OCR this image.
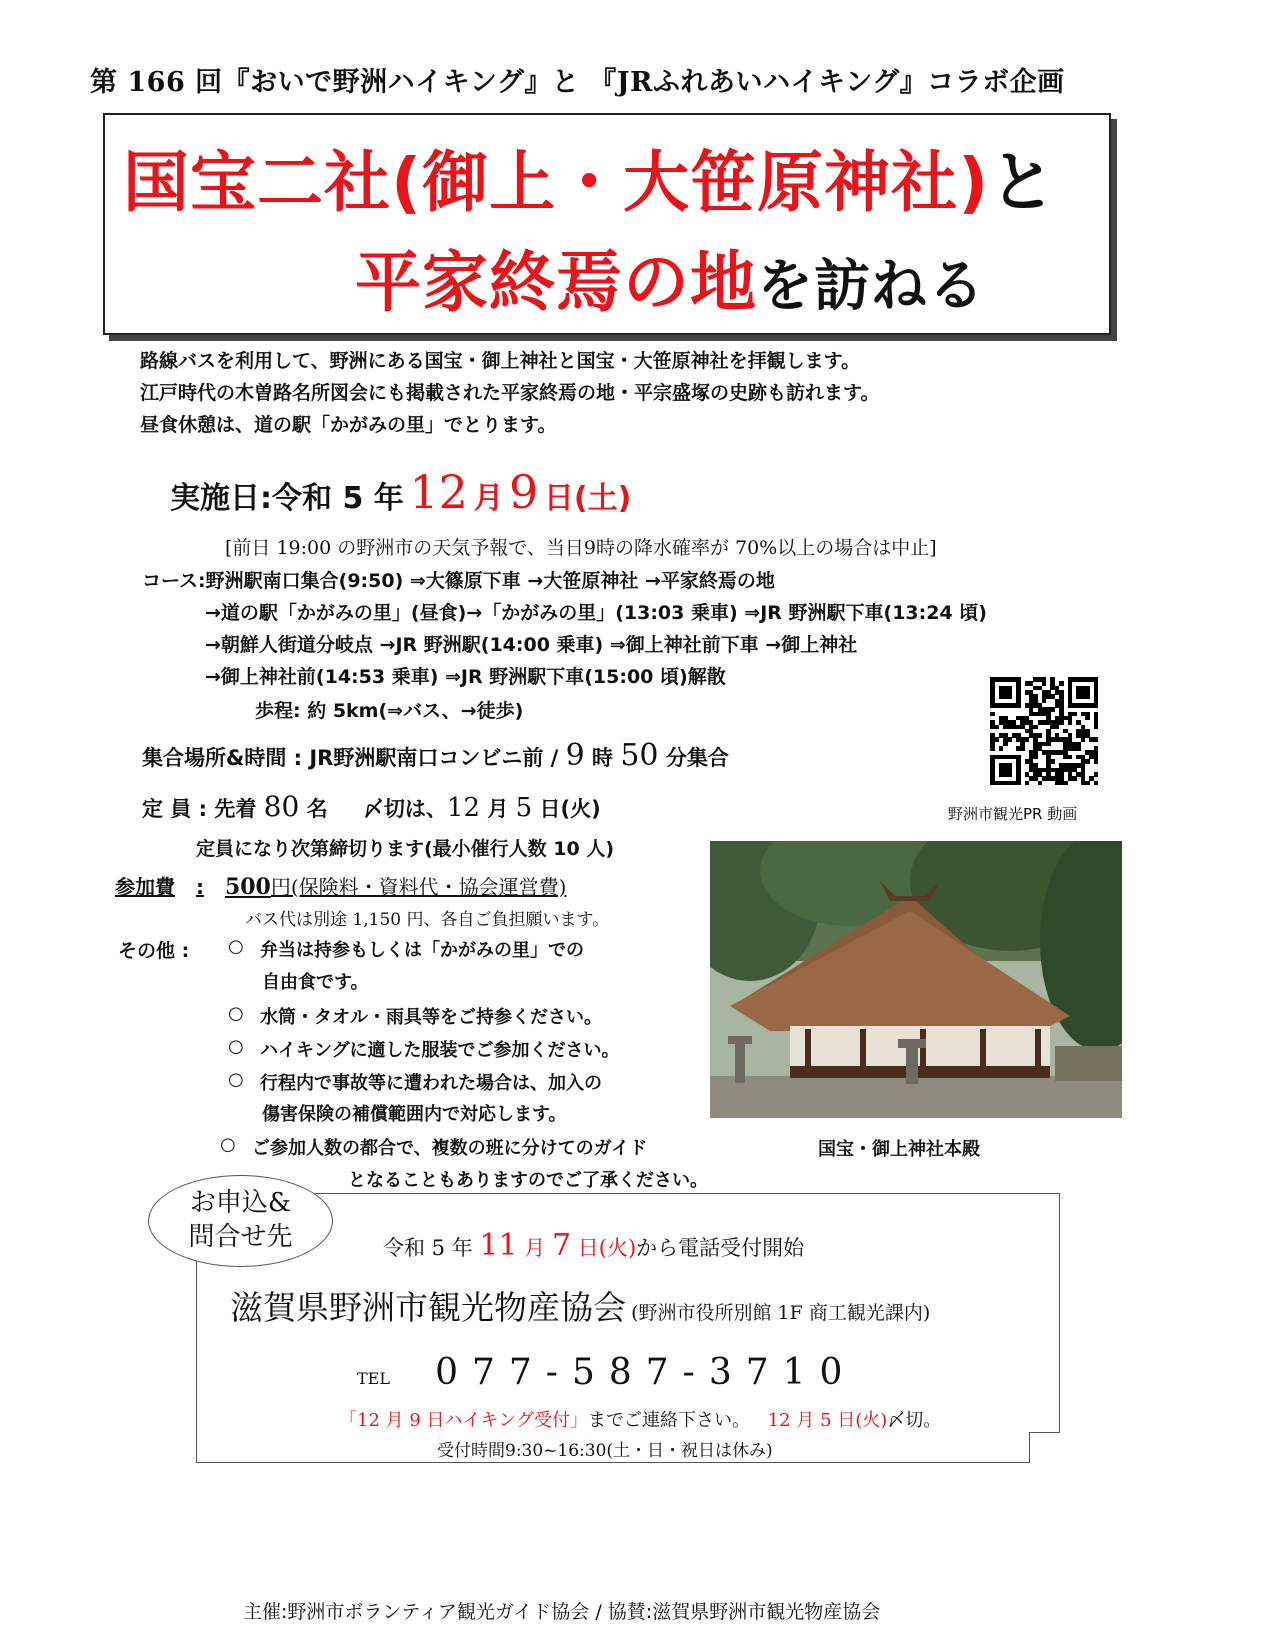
第 166 回『おいで野洲ハイキング』と 『JRふれあいハイキング』コラボ企画
国宝二社(御上・大笹原神社)と
平家終焉の地を訪ねる
路線バスを利用して、野洲にある国宝・御上神社と国宝・大笹原神社を拝観します。
江戸時代の木曽路名所図会にも掲載された平家終焉の地・平宗盛塚の史跡も訪れます。
昼食休憩は、道の駅「かがみの里」でとります。
実施日:令和 5 年 12 月 9 日(土)
[前日 19:00 の野洲市の天気予報で、当日9時の降水確率が 70%以上の場合は中止]
コース:野洲駅南口集合(9:50) ⇒大篠原下車 →大笹原神社 →平家終焉の地
→道の駅「かがみの里」(昼食)→「かがみの里」(13:03 乗車) ⇒JR 野洲駅下車(13:24 頃)
→朝鮮人街道分岐点 →JR 野洲駅(14:00 乗車) ⇒御上神社前下車 →御上神社
→御上神社前(14:53 乗車) ⇒JR 野洲駅下車(15:00 頃)解散
歩程: 約 5km(⇒バス、→徒歩)
野洲市観光PR 動画
集合場所&時間 : JR野洲駅南口コンビニ前 / 9 時 50 分集合
定 員 : 先着 80 名 〆切は、12 月 5 日(火)
定員になり次第締切ります(最小催行人数 10 人)
参加費 : 500円(保険料・資料代・協会運営費)
バス代は別途 1,150 円、各自ご負担願います。
その他 : ○ 弁当は持参もしくは「かがみの里」での
自由食です。
○ 水筒・タオル・雨具等をご持参ください。
○ ハイキングに適した服装でご参加ください。
○ 行程内で事故等に遭われた場合は、加入の
傷害保険の補償範囲内で対応します。
○ ご参加人数の都合で、複数の班に分けてのガイド
となることもありますのでご了承ください。
国宝・御上神社本殿
令和 5 年 11 月 7 日(火)から電話受付開始
滋賀県野洲市観光物産協会 (野洲市役所別館 1F 商工観光課内)
TEL 077-587-3710
「12 月 9 日ハイキング受付」までご連絡下さい。 12 月 5 日(火)〆切。
受付時間9:30~16:30(土・日・祝日は休み)
お申込&
問合せ先
主催:野洲市ボランティア観光ガイド協会 / 協賛:滋賀県野洲市観光物産協会
